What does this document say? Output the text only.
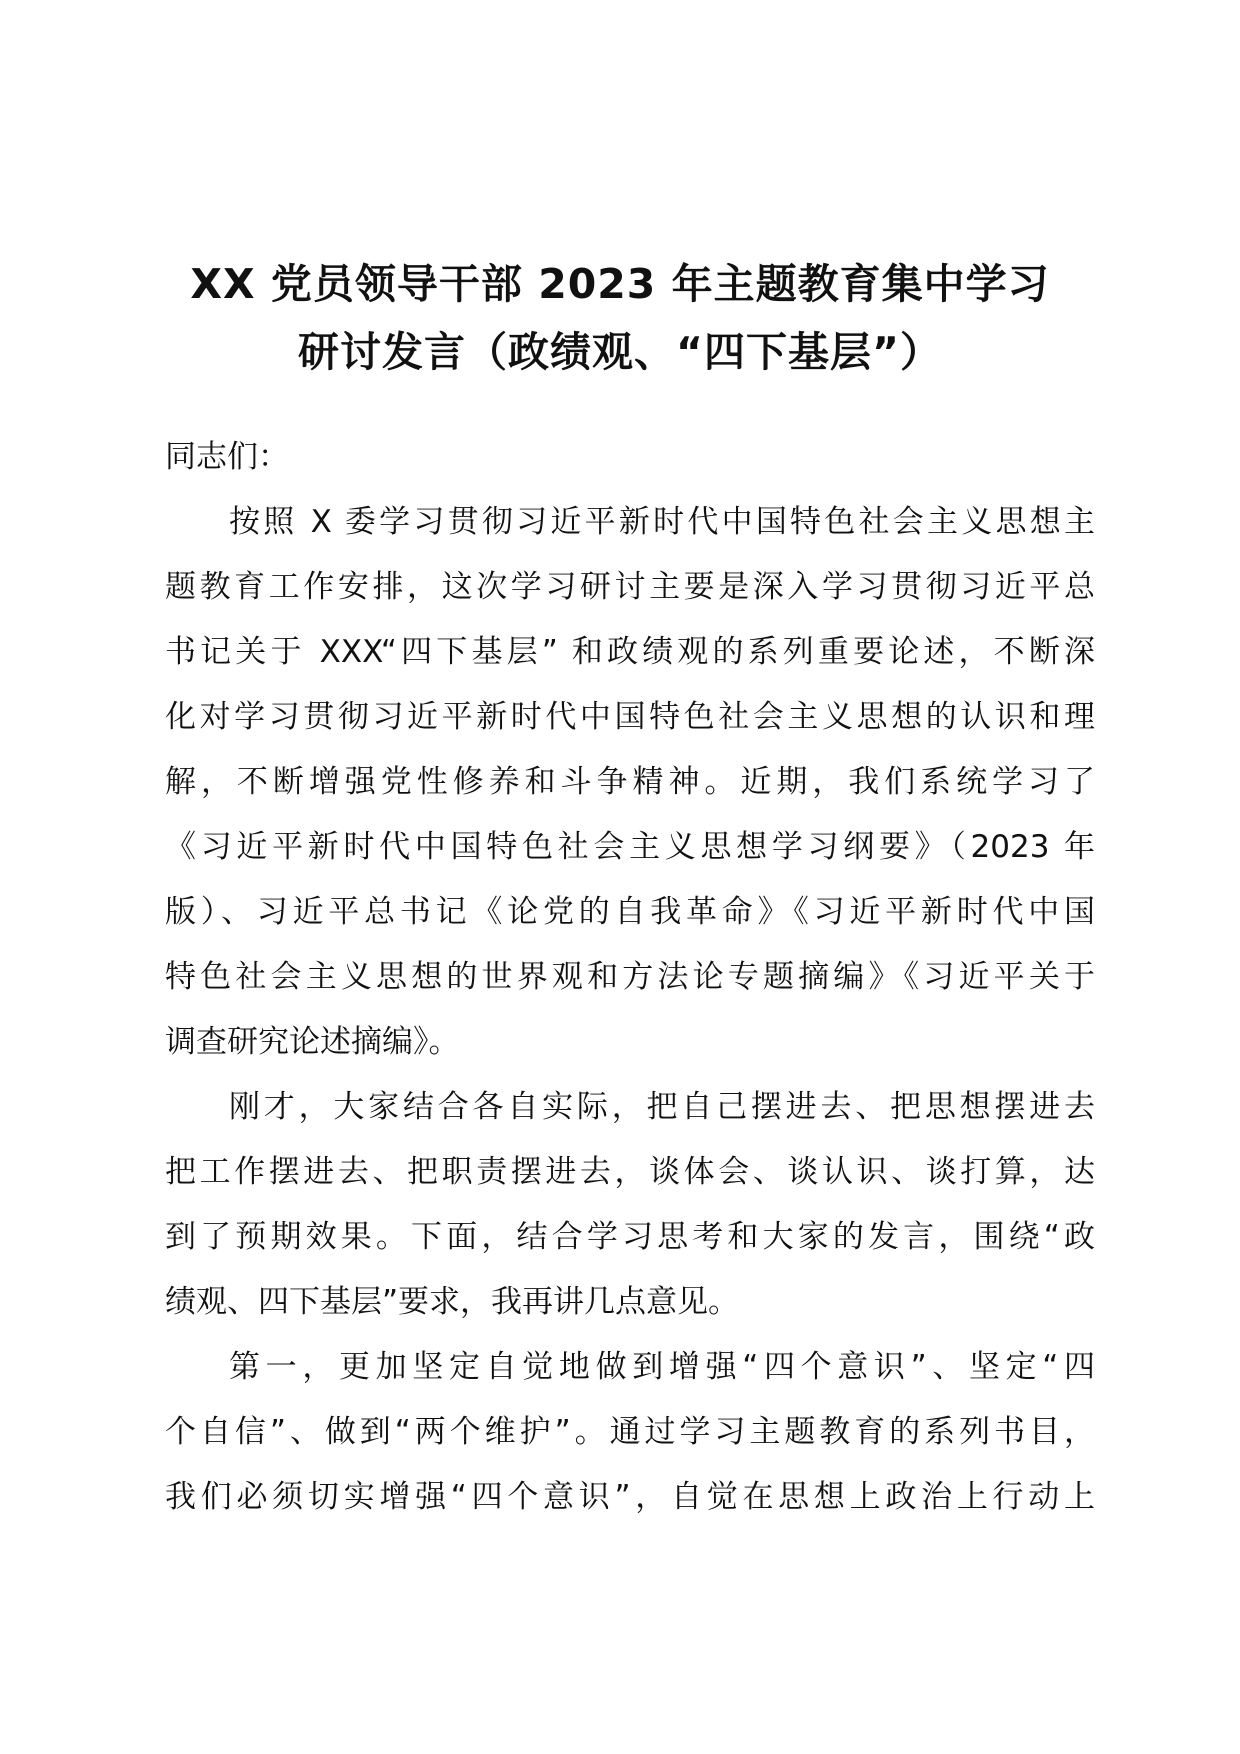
XX 党员领导干部 2023 年主题教育集中学习
研讨发言（政绩观、“四下基层”）
同志们：
按照 X 委学习贯彻习近平新时代中国特色社会主义思想主
题教育工作安排，这次学习研讨主要是深入学习贯彻习近平总
书记关于 XXX“四下基层” 和政绩观的系列重要论述，不断深
化对学习贯彻习近平新时代中国特色社会主义思想的认识和理
解，不断增强党性修养和斗争精神。近期，我们系统学习了
《习近平新时代中国特色社会主义思想学习纲要》（2023 年
版）、习近平总书记《论党的自我革命》《习近平新时代中国
特色社会主义思想的世界观和方法论专题摘编》《习近平关于
调查研究论述摘编》。
刚才，大家结合各自实际，把自己摆进去、把思想摆进去
把工作摆进去、把职责摆进去，谈体会、谈认识、谈打算，达
到了预期效果。下面，结合学习思考和大家的发言，围绕“政
绩观、四下基层”要求，我再讲几点意见。
第一，更加坚定自觉地做到增强“四个意识”、坚定“四
个自信”、做到“两个维护”。通过学习主题教育的系列书目，
我们必须切实增强“四个意识”，自觉在思想上政治上行动上
